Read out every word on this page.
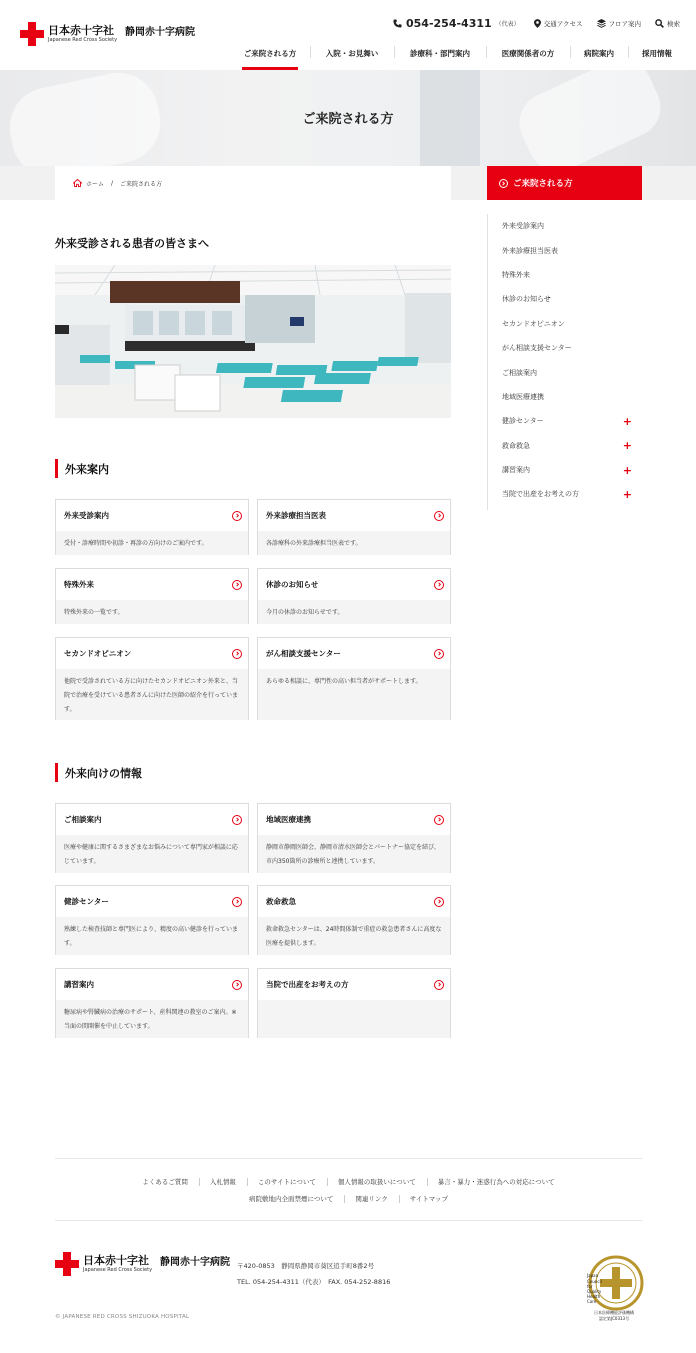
日本赤十字社
Japanese Red Cross Society
静岡赤十字病院
054-254-4311 （代表）	交通アクセス	フロア案内	検索
ご来院される方	入院・お見舞い	診療科・部門案内	医療関係者の方	病院案内	採用情報
ご来院される方
ホーム / ご来院される方	ご来院される方
外来受診案内
外来診療担当医表
特殊外来
休診のお知らせ
セカンドオピニオン
がん相談支援センター
ご相談案内
地域医療連携
健診センター	+
救命救急	+
講習案内	+
当院で出産をお考えの方	+
外来受診される患者の皆さまへ
外来案内
外来受診案内
受付・診療時間や初診・再診の方向けのご案内です。
外来診療担当医表
各診療科の外来診療担当医表です。
特殊外来
特殊外来の一覧です。
休診のお知らせ
今月の休診のお知らせです。
セカンドオピニオン
他院で受診されている方に向けたセカンドオピニオン外来と、当院で治療を受けている患者さんに向けた医師の紹介を行っています。
がん相談支援センター
あらゆる相談に、専門性の高い担当者がサポートします。
外来向けの情報
ご相談案内
医療や健康に関するさまざまなお悩みについて専門家が相談に応じています。
地域医療連携
静岡市静岡医師会、静岡市清水医師会とパートナー協定を結び、市内350箇所の診療所と連携しています。
健診センター
熟練した検査技師と専門医により、精度の高い健診を行っています。
救命救急
救命救急センターは、24時間体制で重症の救急患者さんに高度な医療を提供します。
講習案内
糖尿病や腎臓病の治療のサポート、産科関連の教室のご案内。※当面の間開催を中止しています。
当院で出産をお考えの方
よくあるご質問	入札情報	このサイトについて	個人情報の取扱いについて	暴言・暴力・迷惑行為への対応について
病院敷地内全面禁煙について	関連リンク	サイトマップ
日本赤十字社
Japanese Red Cross Society
静岡赤十字病院 〒420-0853　静岡県静岡市葵区追手町8番2号
TEL. 054-254-4311（代表）　FAX. 054-252-8816
© JAPANESE RED CROSS SHIZUOKA HOSPITAL
Japan
Council
for
Quality
Health
Care
日本医療機能評価機構
認定第JC0313号
